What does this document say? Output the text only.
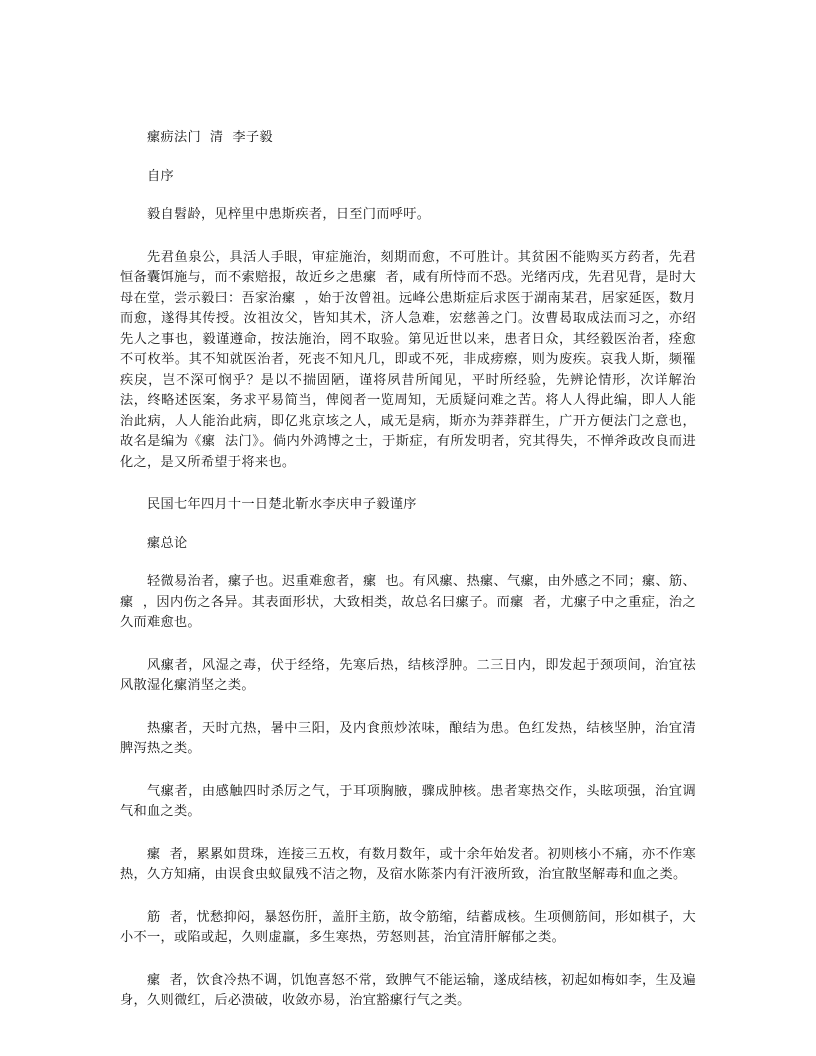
瘰疬法门  清  李子毅

自序

毅自髫龄，见梓里中患斯疾者，日至门而呼吁。

先君鱼泉公，具活人手眼，审症施治，刻期而愈，不可胜计。其贫困不能购买方药者，先君恒备囊饵施与，而不索赔报，故近乡之患瘰  者，咸有所恃而不恐。光绪丙戌，先君见背，是时大母在堂，尝示毅曰：吾家治瘰  ，始于汝曾祖。远峰公患斯症后求医于湖南某君，居家延医，数月而愈，遂得其传授。汝祖汝父，皆知其术，济人急难，宏慈善之门。汝曹曷取成法而习之，亦绍先人之事也，毅谨遵命，按法施治，罔不取验。第见近世以来，患者日众，其经毅医治者，痊愈不可枚举。其不知就医治者，死丧不知凡几，即或不死，非成痨瘵，则为废疾。哀我人斯，频罹疾戾，岂不深可悯乎？是以不揣固陋，谨将夙昔所闻见，平时所经验，先辨论情形，次详解治法，终略述医案，务求平易简当，俾阅者一览周知，无质疑问难之苦。将人人得此编，即人人能治此病，人人能治此病，即亿兆京垓之人，咸无是病，斯亦为莽莽群生，广开方便法门之意也，故名是编为《瘰  法门》。倘内外鸿博之士，于斯症，有所发明者，究其得失，不惮斧政改良而进化之，是又所希望于将来也。

民国七年四月十一日楚北靳水李庆申子毅谨序

瘰总论

轻微易治者，瘰子也。迟重难愈者，瘰  也。有风瘰、热瘰、气瘰，由外感之不同；瘰、筋、瘰  ，因内伤之各异。其表面形状，大致相类，故总名曰瘰子。而瘰  者，尤瘰子中之重症，治之久而难愈也。

风瘰者，风湿之毒，伏于经络，先寒后热，结核浮肿。二三日内，即发起于颈项间，治宜祛风散湿化瘰消坚之类。

热瘰者，天时亢热，暑中三阳，及内食煎炒浓味，酿结为患。色红发热，结核坚肿，治宜清脾泻热之类。

气瘰者，由感触四时杀厉之气，于耳项胸腋，骤成肿核。患者寒热交作，头眩项强，治宜调气和血之类。

瘰  者，累累如贯珠，连接三五枚，有数月数年，或十余年始发者。初则核小不痛，亦不作寒热，久方知痛，由误食虫蚁鼠残不洁之物，及宿水陈茶内有汗液所致，治宜散坚解毒和血之类。

筋  者，忧愁抑闷，暴怒伤肝，盖肝主筋，故令筋缩，结蓄成核。生项侧筋间，形如棋子，大小不一，或陷或起，久则虚羸，多生寒热，劳怒则甚，治宜清肝解郁之类。

瘰  者，饮食冷热不调，饥饱喜怒不常，致脾气不能运输，遂成结核，初起如梅如李，生及遍身，久则微红，后必溃破，收敛亦易，治宜豁瘰行气之类。
